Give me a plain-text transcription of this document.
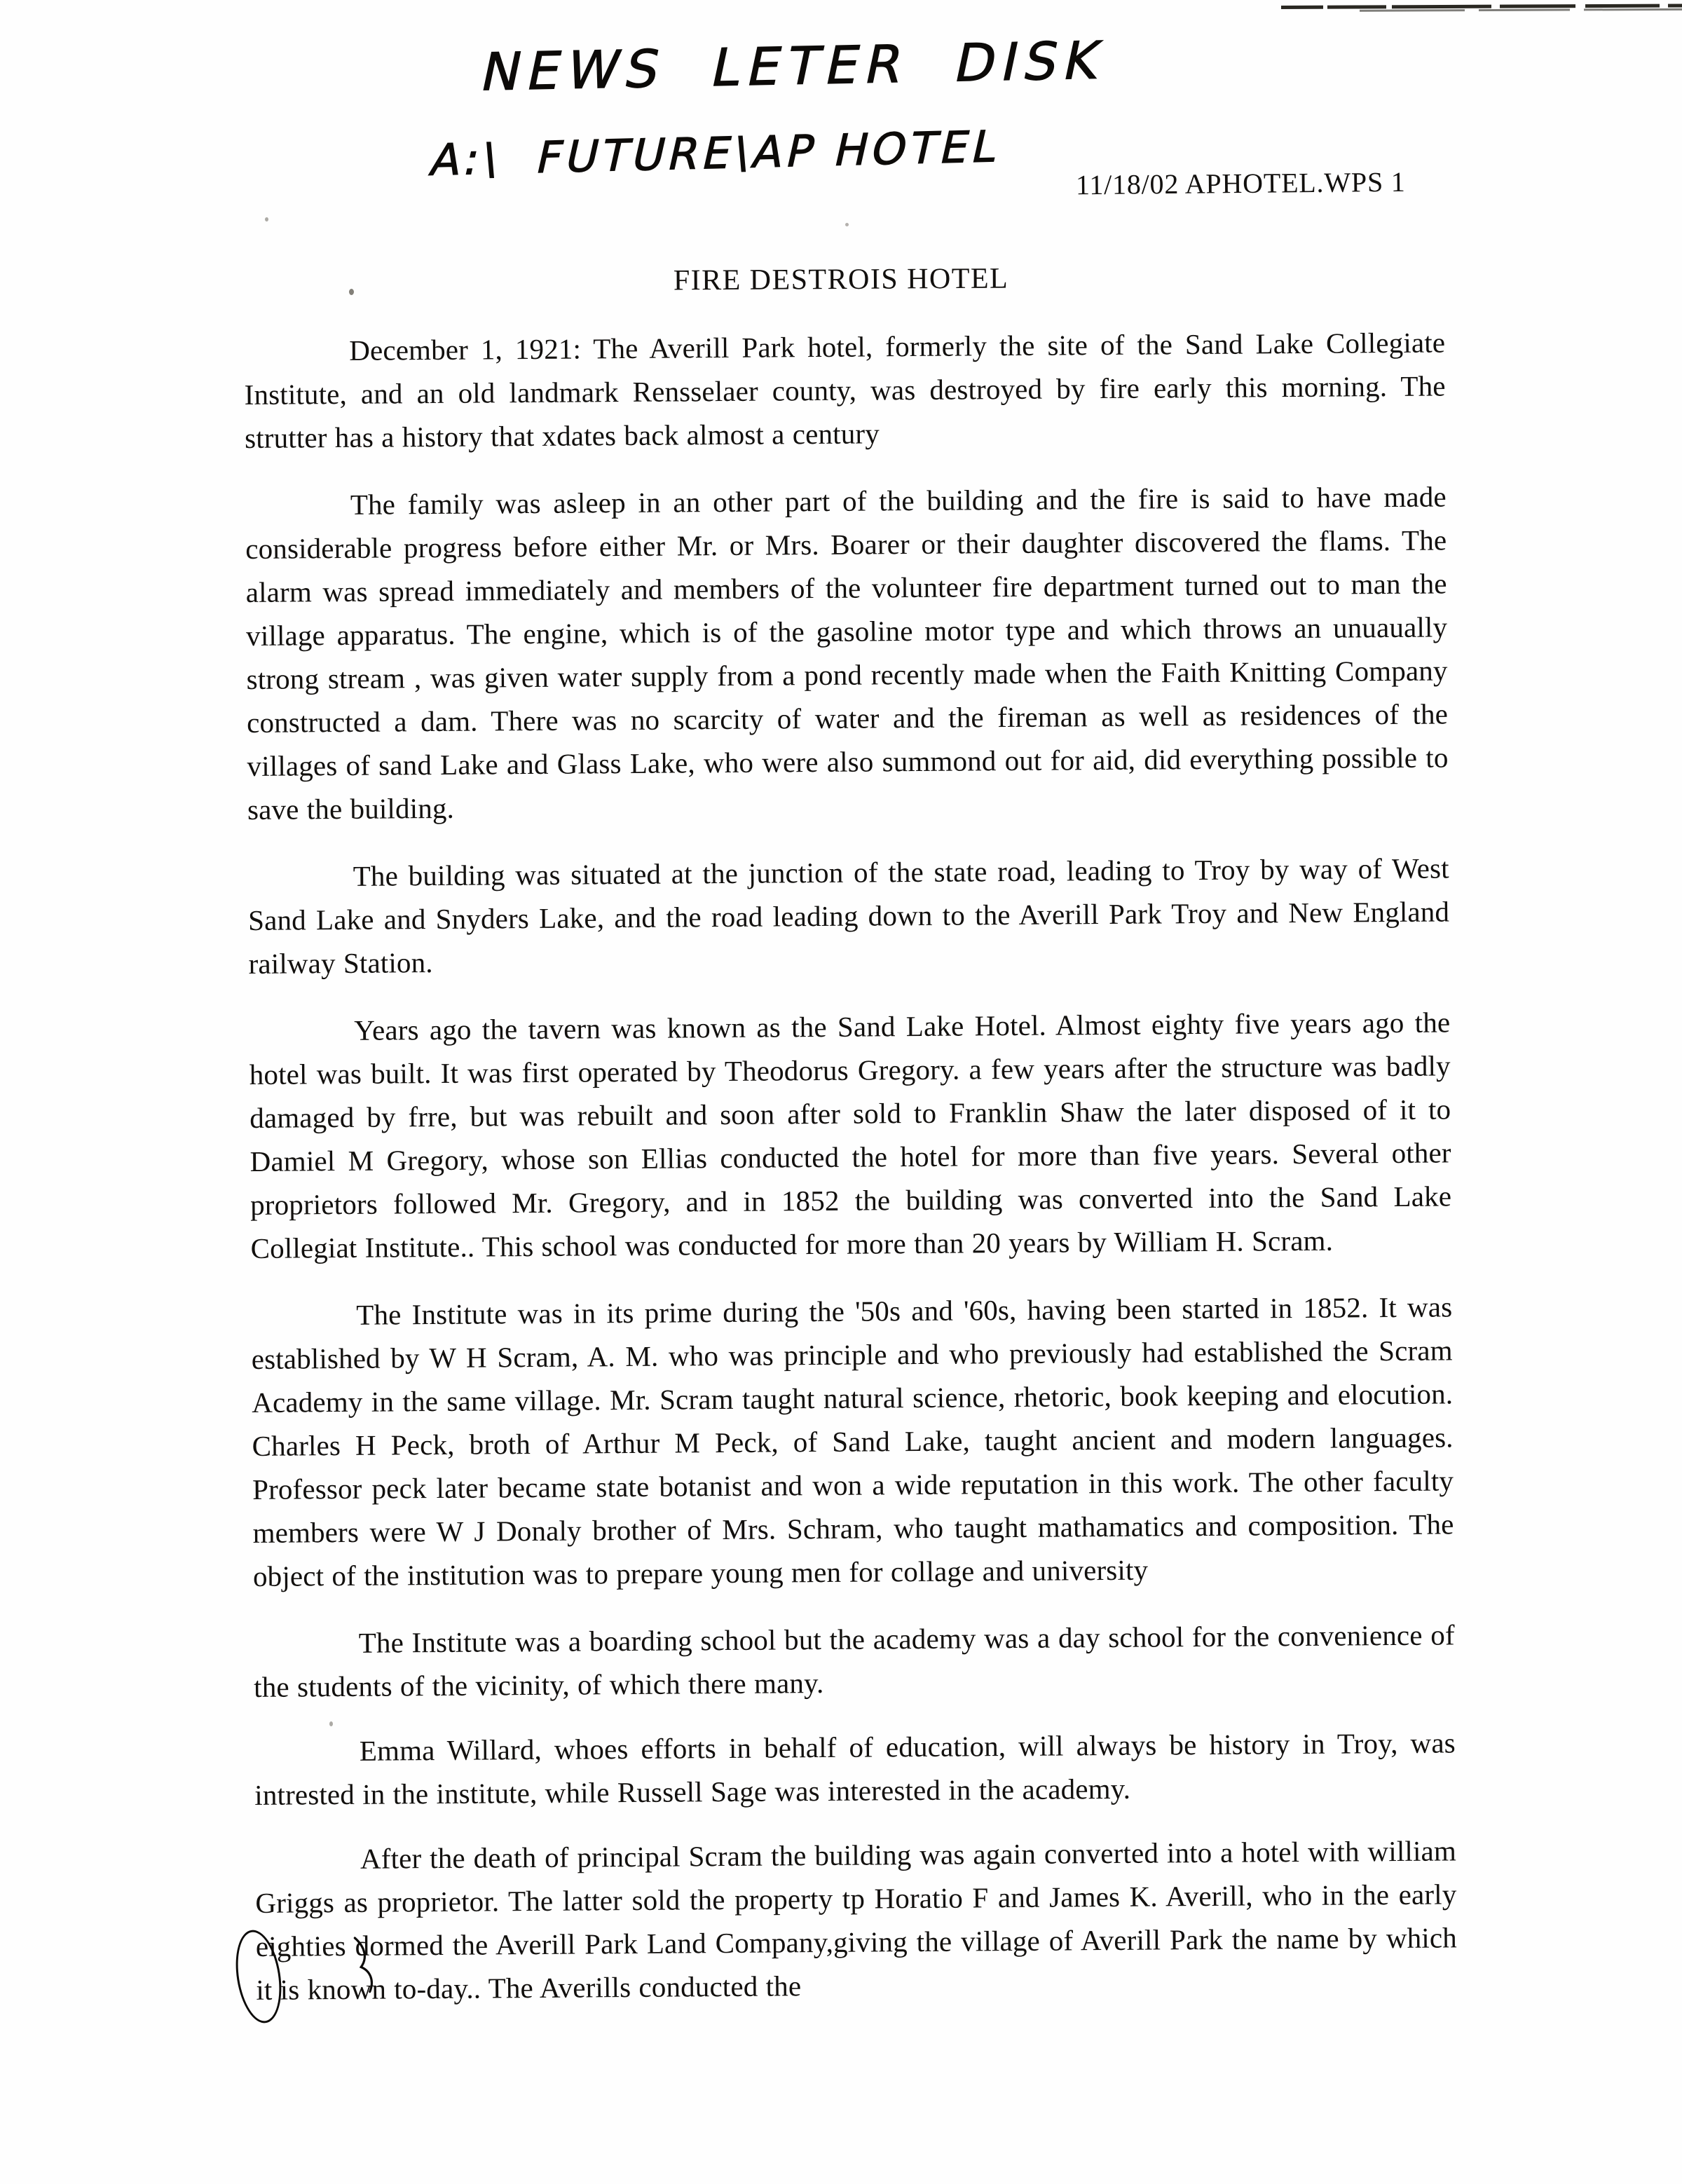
NEWS  LETER  DISK
A:\  FUTURE\AP HOTEL 11/18/02 APHOTEL.WPS 1
FIRE DESTROIS HOTEL

December 1, 1921: The Averill Park hotel, formerly the site of the Sand Lake Collegiate Institute, and an old landmark Rensselaer county, was destroyed by fire early this morning. The strutter has a history that xdates back almost a century

The family was asleep in an other part of the building and the fire is said to have made considerable progress before either Mr. or Mrs. Boarer or their daughter discovered the flams. The alarm was spread immediately and members of the volunteer fire department turned out to man the village apparatus. The engine, which is of the gasoline motor type and which throws an unuaually strong stream , was given water supply from a pond recently made when the Faith Knitting Company constructed a dam. There was no scarcity of water and the fireman as well as residences of the villages of sand Lake and Glass Lake, who were also summond out for aid, did everything possible to save the building.

The building was situated at the junction of the state road, leading to Troy by way of West Sand Lake and Snyders Lake, and the road leading down to the Averill Park Troy and New England railway Station.

Years ago the tavern was known as the Sand Lake Hotel. Almost eighty five years ago the hotel was built. It was first operated by Theodorus Gregory. a few years after the structure was badly damaged by frre, but was rebuilt and soon after sold to Franklin Shaw the later disposed of it to Damiel M Gregory, whose son Ellias conducted the hotel for more than five years. Several other proprietors followed Mr. Gregory, and in 1852 the building was converted into the Sand Lake Collegiat Institute.. This school was conducted for more than 20 years by William H. Scram.

The Institute was in its prime during the '50s and '60s, having been started in 1852. It was established by W H Scram, A. M. who was principle and who previously had established the Scram Academy in the same village. Mr. Scram taught natural science, rhetoric, book keeping and elocution. Charles H Peck, broth of Arthur M Peck, of Sand Lake, taught ancient and modern languages. Professor peck later became state botanist and won a wide reputation in this work. The other faculty members were W J Donaly brother of Mrs. Schram, who taught mathamatics and composition. The object of the institution was to prepare young men for collage and university

The Institute was a boarding school but the academy was a day school for the convenience of the students of the vicinity, of which there many.

Emma Willard, whoes efforts in behalf of education, will always be history in Troy, was intrested in the institute, while Russell Sage was interested in the academy.

After the death of principal Scram the building was again converted into a hotel with william Griggs as proprietor. The latter sold the property tp Horatio F and James K. Averill, who in the early eighties dormed the Averill Park Land Company,giving the village of Averill Park the name by which it is known to-day.. The Averills conducted the
